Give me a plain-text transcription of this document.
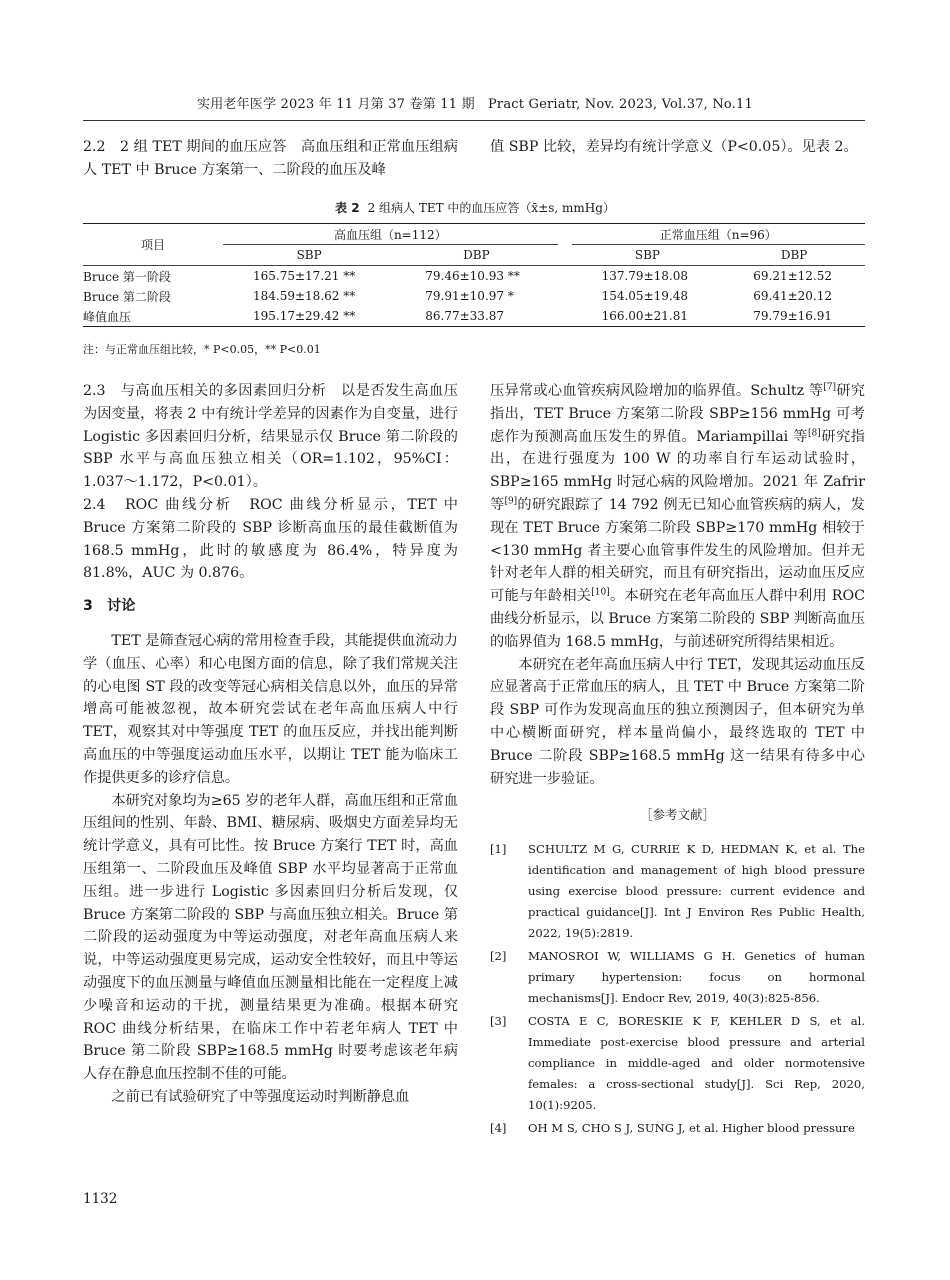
实用老年医学 2023 年 11 月第 37 卷第 11 期　Pract Geriatr, Nov. 2023, Vol.37, No.11

2.2　2 组 TET 期间的血压应答　 高血压组和正常血压组病人 TET 中 Bruce 方案第一、二阶段的血压及峰

值 SBP 比较，差异均有统计学意义（P<0.05）。见表 2。

表 2 2 组病人 TET 中的血压应答（x̄±s, mmHg）
项目	高血压组（n=112）			正常血压组（n=96）	
	SBP	DBP		SBP	DBP
Bruce 第一阶段	165.75±17.21 **	79.46±10.93 **		137.79±18.08	69.21±12.52
Bruce 第二阶段	184.59±18.62 **	79.91±10.97 *		154.05±19.48	69.41±20.12
峰值血压	195.17±29.42 **	86.77±33.87		166.00±21.81	79.79±16.91
注：与正常血压组比较，* P<0.05，** P<0.01

2.3　与高血压相关的多因素回归分析　以是否发生高血压为因变量，将表 2 中有统计学差异的因素作为自变量，进行 Logistic 多因素回归分析，结果显示仅 Bruce 第二阶段的 SBP 水平与高血压独立相关（OR=1.102，95%CI：1.037～1.172，P<0.01）。

2.4　ROC 曲线分析　ROC 曲线分析显示，TET 中 Bruce 方案第二阶段的 SBP 诊断高血压的最佳截断值为 168.5 mmHg，此时的敏感度为 86.4%，特异度为 81.8%，AUC 为 0.876。

3　讨论

TET 是筛查冠心病的常用检查手段，其能提供血流动力学（血压、心率）和心电图方面的信息，除了我们常规关注的心电图 ST 段的改变等冠心病相关信息以外，血压的异常增高可能被忽视，故本研究尝试在老年高血压病人中行 TET，观察其对中等强度 TET 的血压反应，并找出能判断高血压的中等强度运动血压水平，以期让 TET 能为临床工作提供更多的诊疗信息。

本研究对象均为≥65 岁的老年人群，高血压组和正常血压组间的性别、年龄、BMI、糖尿病、吸烟史方面差异均无统计学意义，具有可比性。按 Bruce 方案行 TET 时，高血压组第一、二阶段血压及峰值 SBP 水平均显著高于正常血压组。进一步进行 Logistic 多因素回归分析后发现，仅 Bruce 方案第二阶段的 SBP 与高血压独立相关。Bruce 第二阶段的运动强度为中等运动强度，对老年高血压病人来说，中等运动强度更易完成，运动安全性较好，而且中等运动强度下的血压测量与峰值血压测量相比能在一定程度上减少噪音和运动的干扰，测量结果更为准确。根据本研究 ROC 曲线分析结果，在临床工作中若老年病人 TET 中 Bruce 第二阶段 SBP≥168.5 mmHg 时要考虑该老年病人存在静息血压控制不佳的可能。

之前已有试验研究了中等强度运动时判断静息血

压异常或心血管疾病风险增加的临界值。Schultz 等[7]研究指出，TET Bruce 方案第二阶段 SBP≥156 mmHg 可考虑作为预测高血压发生的界值。Mariampillai 等[8]研究指出，在进行强度为 100 W 的功率自行车运动试验时，SBP≥165 mmHg 时冠心病的风险增加。2021 年 Zafrir 等[9]的研究跟踪了 14 792 例无已知心血管疾病的病人，发现在 TET Bruce 方案第二阶段 SBP≥170 mmHg 相较于<130 mmHg 者主要心血管事件发生的风险增加。但并无针对老年人群的相关研究，而且有研究指出，运动血压反应可能与年龄相关[10]。本研究在老年高血压人群中利用 ROC 曲线分析显示，以 Bruce 方案第二阶段的 SBP 判断高血压的临界值为 168.5 mmHg，与前述研究所得结果相近。

本研究在老年高血压病人中行 TET，发现其运动血压反应显著高于正常血压的病人，且 TET 中 Bruce 方案第二阶段 SBP 可作为发现高血压的独立预测因子，但本研究为单中心横断面研究，样本量尚偏小，最终选取的 TET 中 Bruce 二阶段 SBP≥168.5 mmHg 这一结果有待多中心研究进一步验证。

［参考文献］

[1] SCHULTZ M G, CURRIE K D, HEDMAN K, et al. The identification and management of high blood pressure using exercise blood pressure: current evidence and practical guidance[J]. Int J Environ Res Public Health, 2022, 19(5):2819.

[2] MANOSROI W, WILLIAMS G H. Genetics of human primary hypertension: focus on hormonal mechanisms[J]. Endocr Rev, 2019, 40(3):825-856.

[3] COSTA E C, BORESKIE K F, KEHLER D S, et al. Immediate post-exercise blood pressure and arterial compliance in middle-aged and older normotensive females: a cross-sectional study[J]. Sci Rep, 2020, 10(1):9205.

[4] OH M S, CHO S J, SUNG J, et al. Higher blood pressure

1132
